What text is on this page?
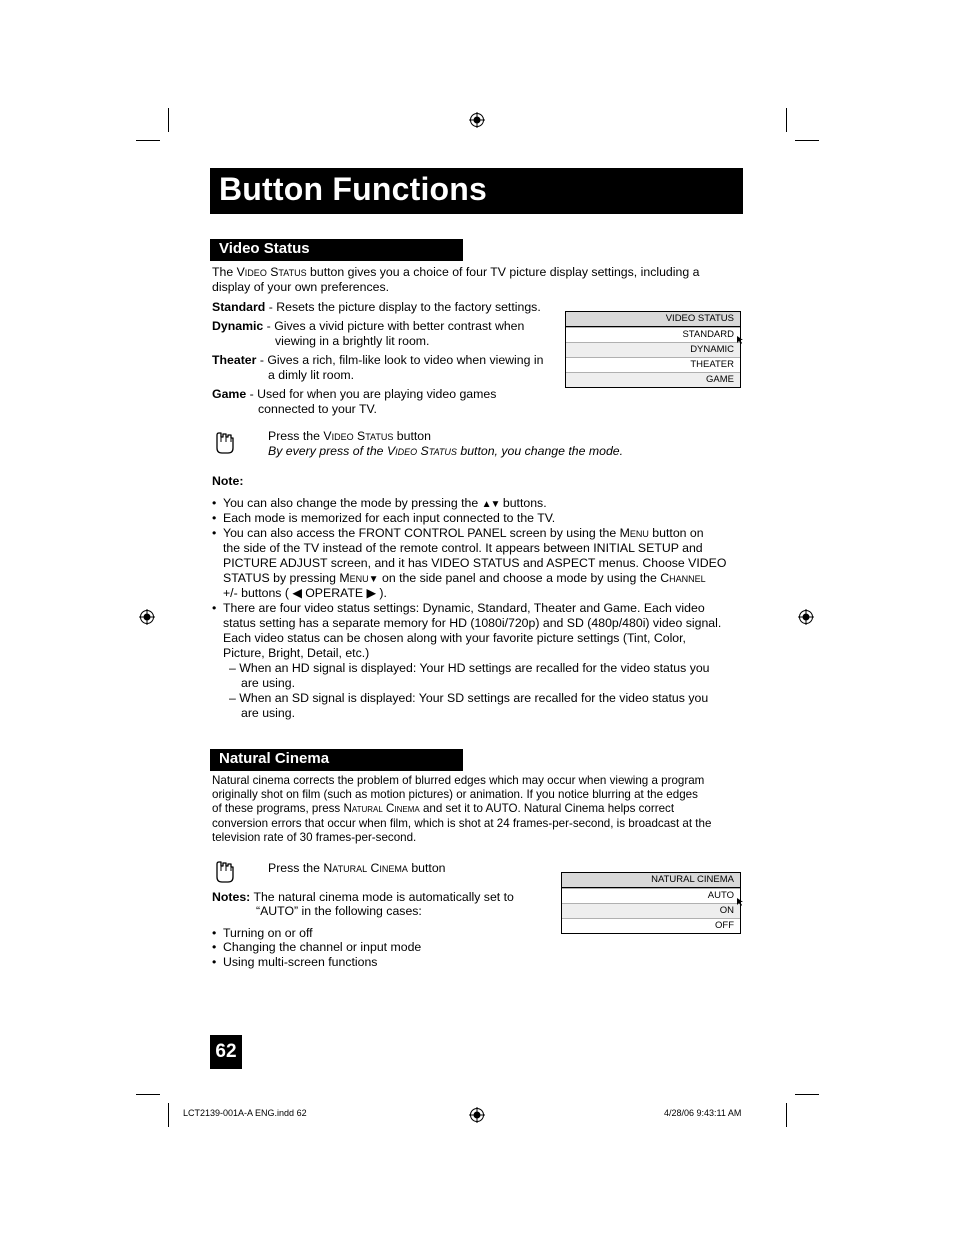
Button Functions
Video Status
The Video Status button gives you a choice of four TV picture display settings, including a
display of your own preferences.
Standard - Resets the picture display to the factory settings.
Dynamic - Gives a vivid picture with better contrast when
viewing in a brightly lit room.
Theater - Gives a rich, film-like look to video when viewing in
a dimly lit room.
Game - Used for when you are playing video games
connected to your TV.
VIDEO STATUS
STANDARD
DYNAMIC
THEATER
GAME
Press the Video Status button
By every press of the Video Status button, you change the mode.
Note:
• You can also change the mode by pressing the ▲▼ buttons.
• Each mode is memorized for each input connected to the TV.
• You can also access the FRONT CONTROL PANEL screen by using the Menu button on
the side of the TV instead of the remote control. It appears between INITIAL SETUP and
PICTURE ADJUST screen, and it has VIDEO STATUS and ASPECT menus. Choose VIDEO
STATUS by pressing Menu▼ on the side panel and choose a mode by using the Channel
+/- buttons ( ◀ OPERATE ▶ ).
• There are four video status settings: Dynamic, Standard, Theater and Game. Each video
status setting has a separate memory for HD (1080i/720p) and SD (480p/480i) video signal.
Each video status can be chosen along with your favorite picture settings (Tint, Color,
Picture, Bright, Detail, etc.)
– When an HD signal is displayed: Your HD settings are recalled for the video status you
are using.
– When an SD signal is displayed: Your SD settings are recalled for the video status you
are using.
Natural Cinema
Natural cinema corrects the problem of blurred edges which may occur when viewing a program
originally shot on film (such as motion pictures) or animation. If you notice blurring at the edges
of these programs, press Natural Cinema and set it to AUTO. Natural Cinema helps correct
conversion errors that occur when film, which is shot at 24 frames-per-second, is broadcast at the
television rate of 30 frames-per-second.
Press the Natural Cinema button
Notes: The natural cinema mode is automatically set to
“AUTO” in the following cases:
• Turning on or off
• Changing the channel or input mode
• Using multi-screen functions
NATURAL CINEMA
AUTO
ON
OFF
62
LCT2139-001A-A ENG.indd 62	4/28/06 9:43:11 AM
